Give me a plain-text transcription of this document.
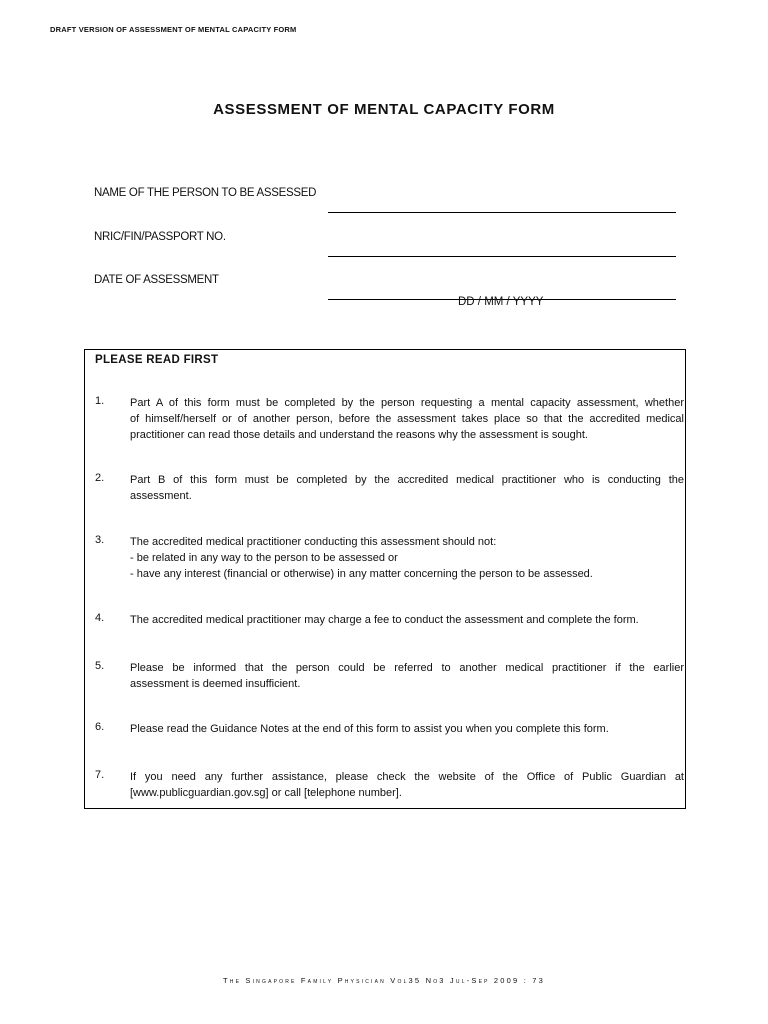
DRAFT VERSION OF ASSESSMENT OF MENTAL CAPACITY FORM
ASSESSMENT OF MENTAL CAPACITY FORM
NAME OF THE PERSON TO BE ASSESSED
NRIC/FIN/PASSPORT NO.
DATE OF ASSESSMENT
DD / MM / YYYY
PLEASE READ FIRST
1. Part A of this form must be completed by the person requesting a mental capacity assessment, whether
of himself/herself or of another person, before the assessment takes place so that the accredited medical
practitioner can read those details and understand the reasons why the assessment is sought.
2. Part B of this form must be completed by the accredited medical practitioner who is conducting the
assessment.
3. The accredited medical practitioner conducting this assessment should not:
- be related in any way to the person to be assessed or
- have any interest (financial or otherwise) in any matter concerning the person to be assessed.
4. The accredited medical practitioner may charge a fee to conduct the assessment and complete the form.
5. Please be informed that the person could be referred to another medical practitioner if the earlier
assessment is deemed insufficient.
6. Please read the Guidance Notes at the end of this form to assist you when you complete this form.
7. If you need any further assistance, please check the website of the Office of Public Guardian at
[www.publicguardian.gov.sg] or call [telephone number].
The Singapore Family Physician Vol35 No3 Jul-Sep 2009 : 73
